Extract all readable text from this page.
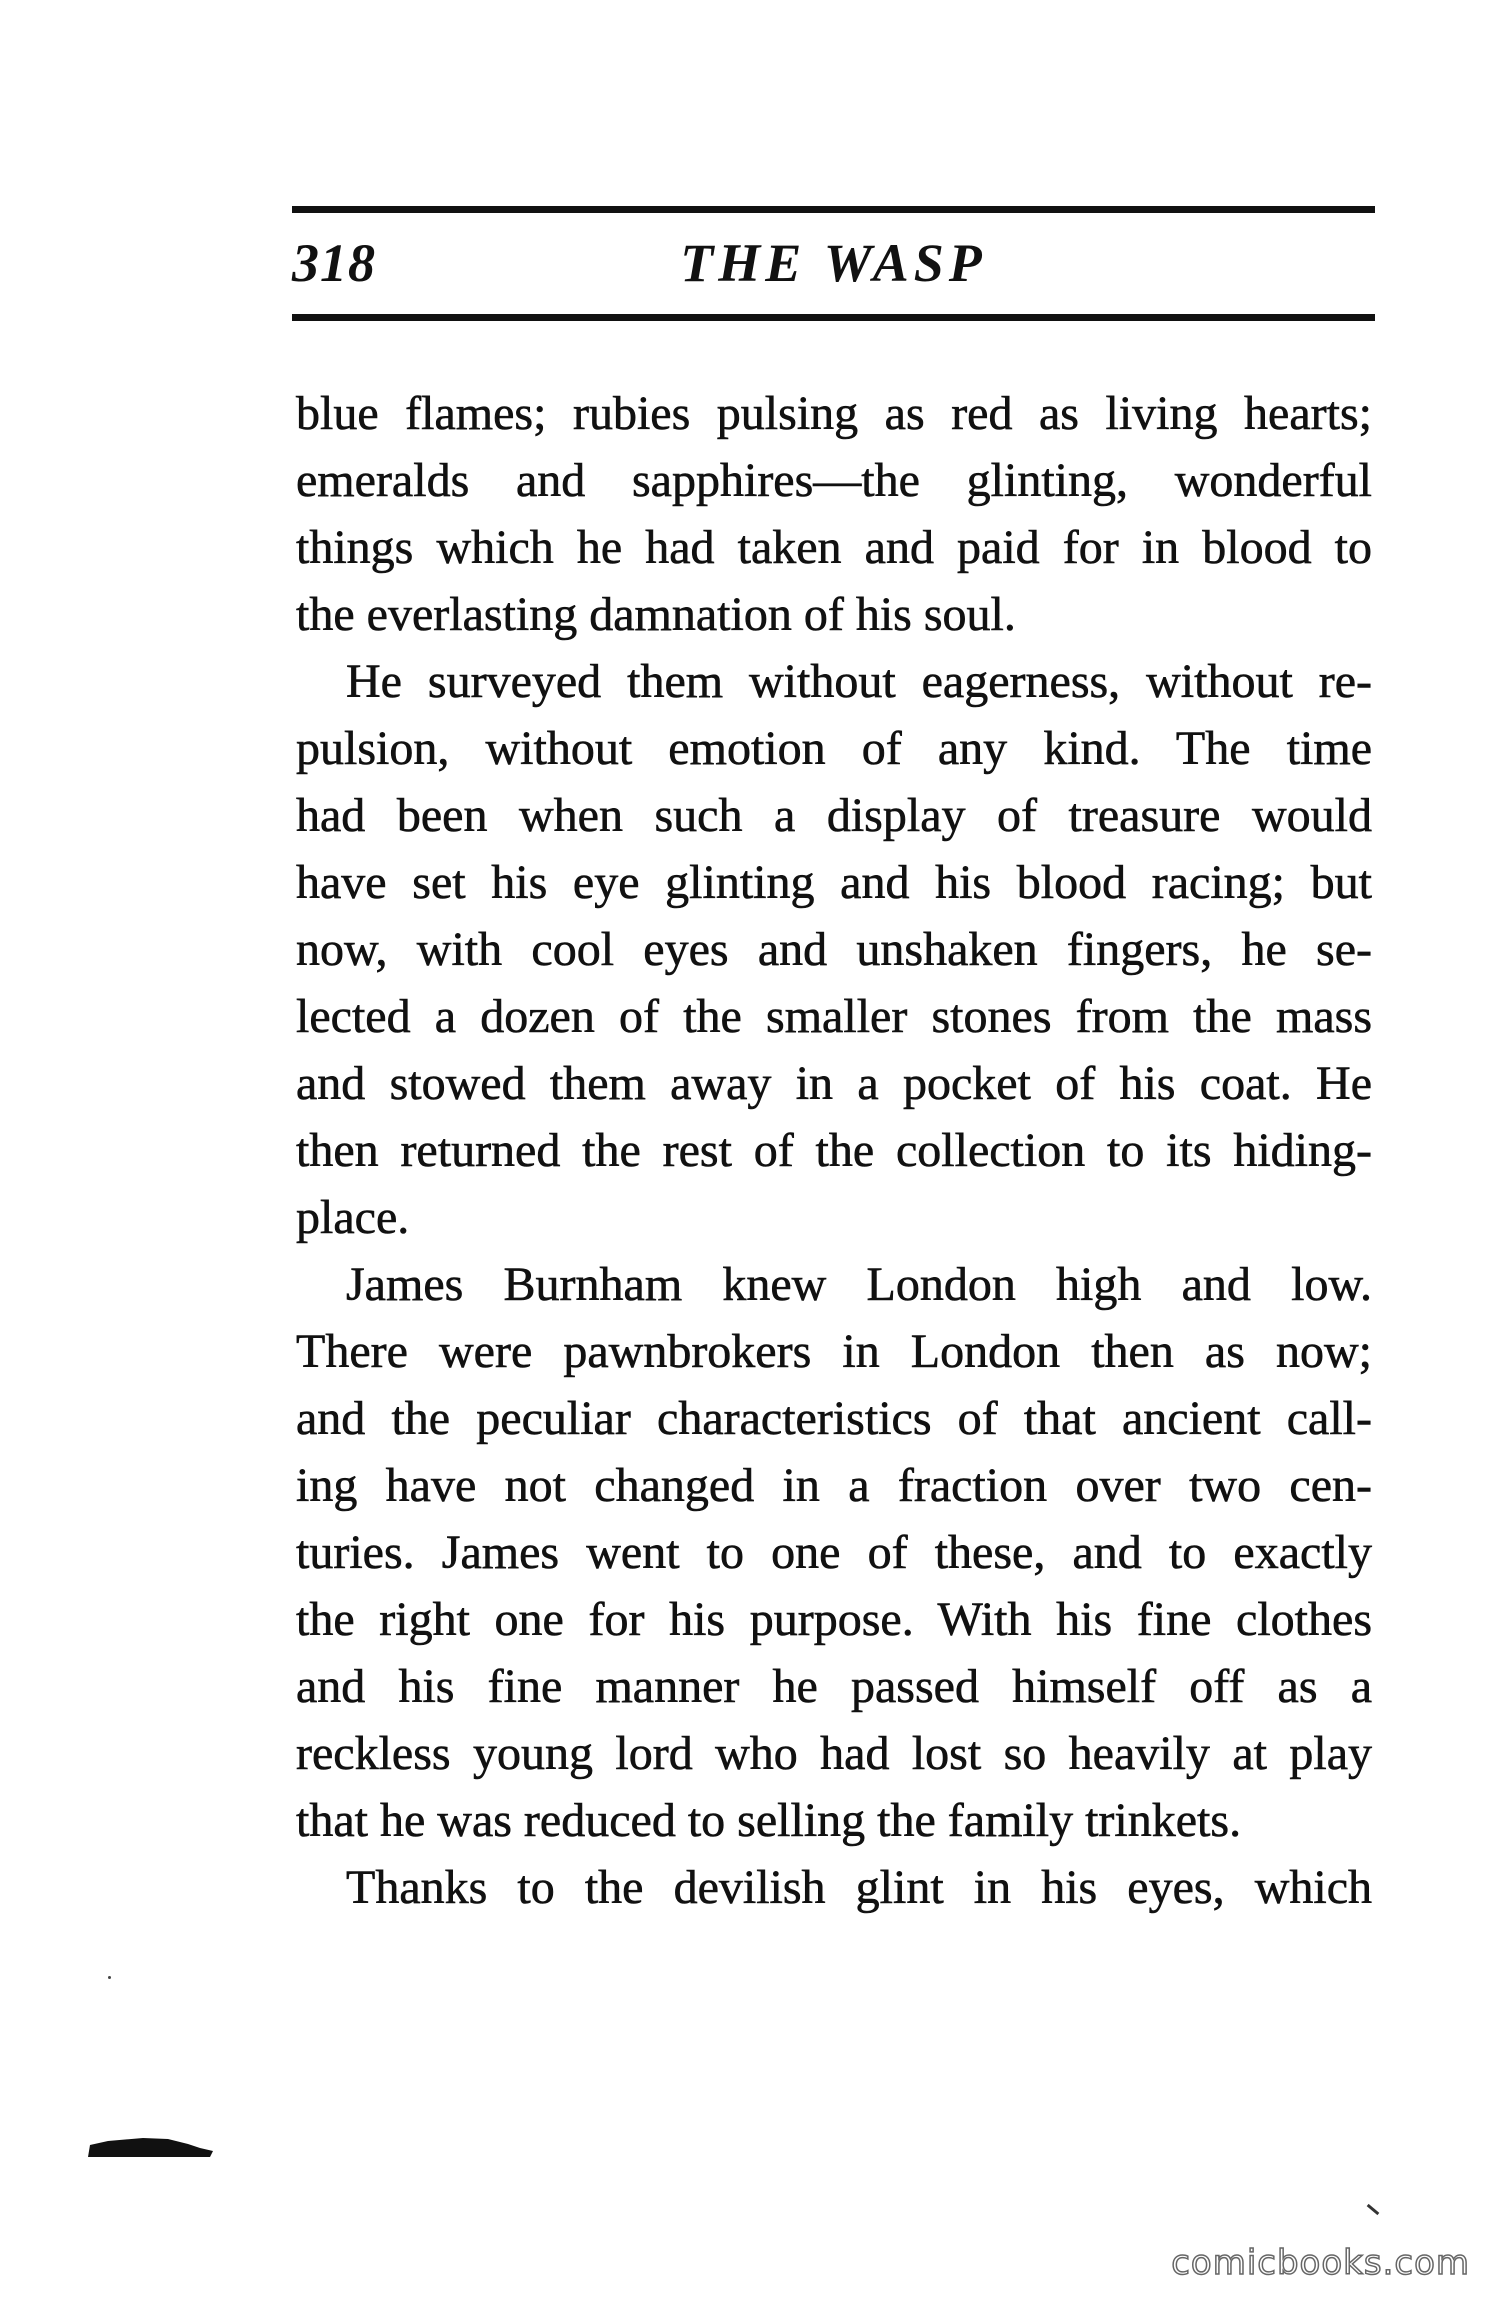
318	THE WASP
blue flames; rubies pulsing as red as living hearts;
emeralds and sapphires—the glinting, wonderful
things which he had taken and paid for in blood to
the everlasting damnation of his soul.
He surveyed them without eagerness, without re-
pulsion, without emotion of any kind. The time
had been when such a display of treasure would
have set his eye glinting and his blood racing; but
now, with cool eyes and unshaken fingers, he se-
lected a dozen of the smaller stones from the mass
and stowed them away in a pocket of his coat. He
then returned the rest of the collection to its hiding-
place.
James Burnham knew London high and low.
There were pawnbrokers in London then as now;
and the peculiar characteristics of that ancient call-
ing have not changed in a fraction over two cen-
turies. James went to one of these, and to exactly
the right one for his purpose. With his fine clothes
and his fine manner he passed himself off as a
reckless young lord who had lost so heavily at play
that he was reduced to selling the family trinkets.
Thanks to the devilish glint in his eyes, which
comicbooks.com
